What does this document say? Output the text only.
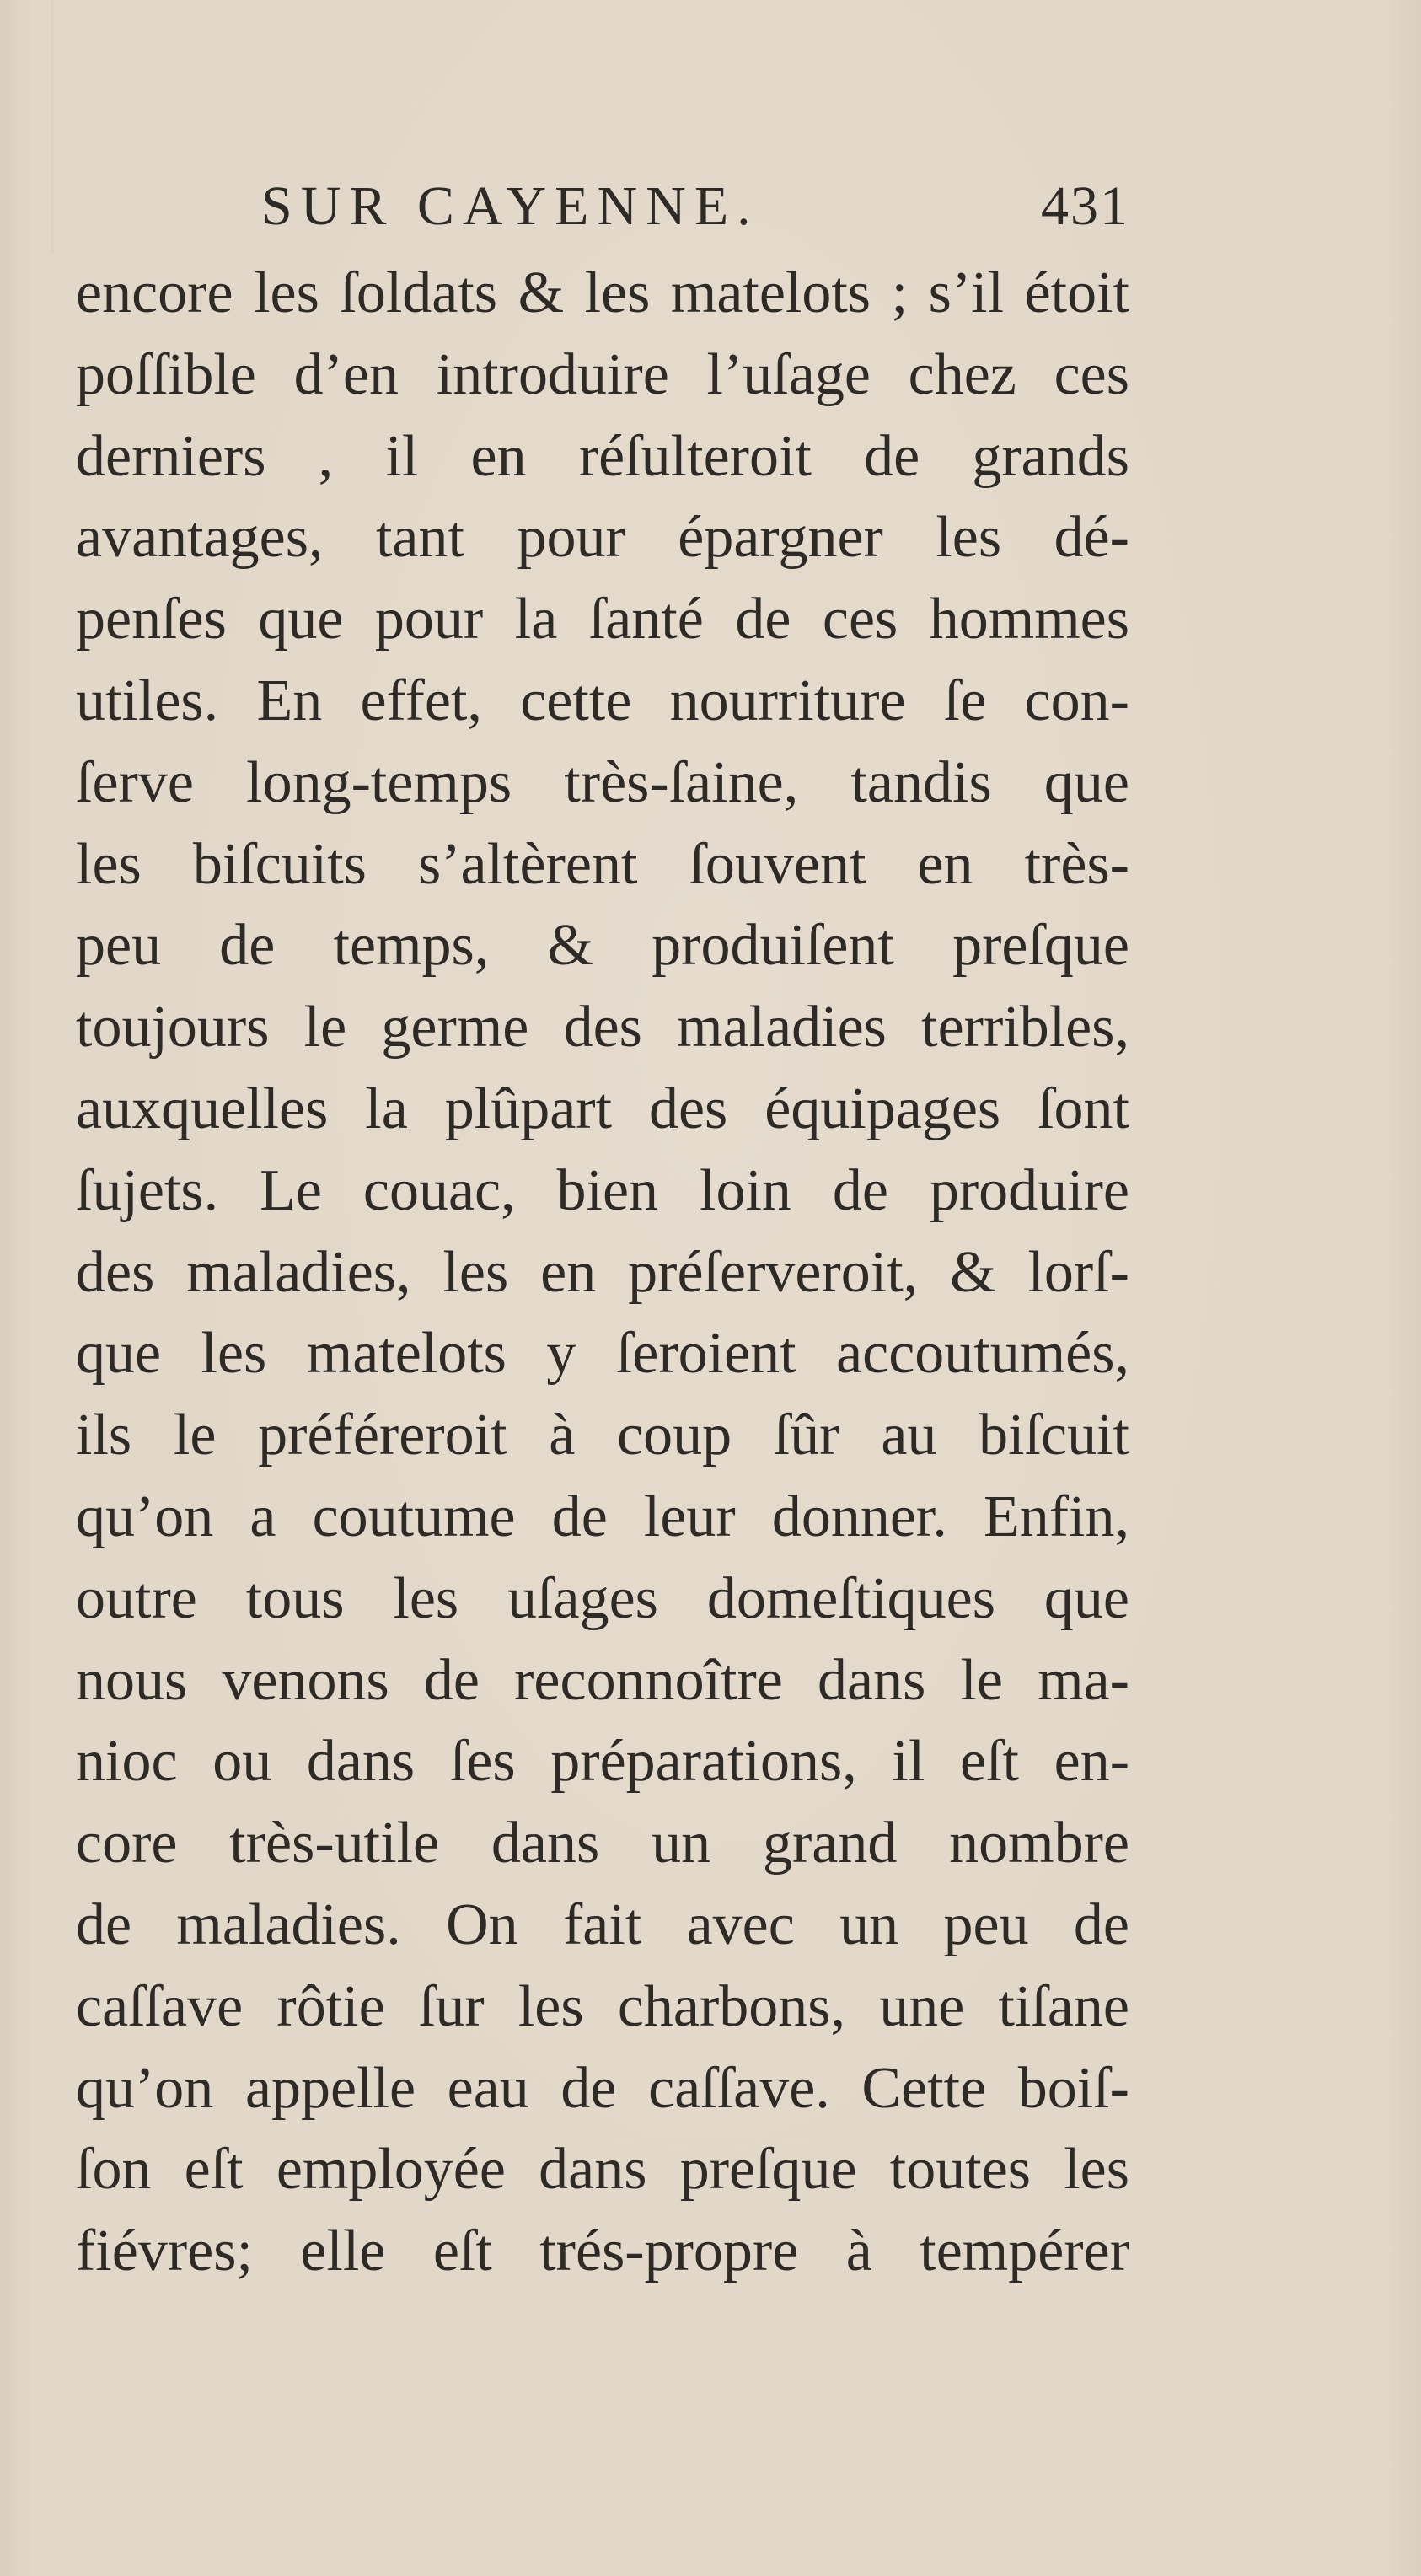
SUR CAYENNE.	431
encore les ſoldats & les matelots ; s’il étoit
poſſible d’en introduire l’uſage chez ces
derniers , il en réſulteroit de grands
avantages, tant pour épargner les dé-
penſes que pour la ſanté de ces hommes
utiles. En effet, cette nourriture ſe con-
ſerve long-temps très-ſaine, tandis que
les biſcuits s’altèrent ſouvent en très-
peu de temps, & produiſent preſque
toujours le germe des maladies terribles,
auxquelles la plûpart des équipages ſont
ſujets. Le couac, bien loin de produire
des maladies, les en préſerveroit, & lorſ-
que les matelots y ſeroient accoutumés,
ils le préféreroit à coup ſûr au biſcuit
qu’on a coutume de leur donner. Enfin,
outre tous les uſages domeſtiques que
nous venons de reconnoître dans le ma-
nioc ou dans ſes préparations, il eſt en-
core très-utile dans un grand nombre
de maladies. On fait avec un peu de
caſſave rôtie ſur les charbons, une tiſane
qu’on appelle eau de caſſave. Cette boiſ-
ſon eſt employée dans preſque toutes les
fiévres; elle eſt trés-propre à tempérer
